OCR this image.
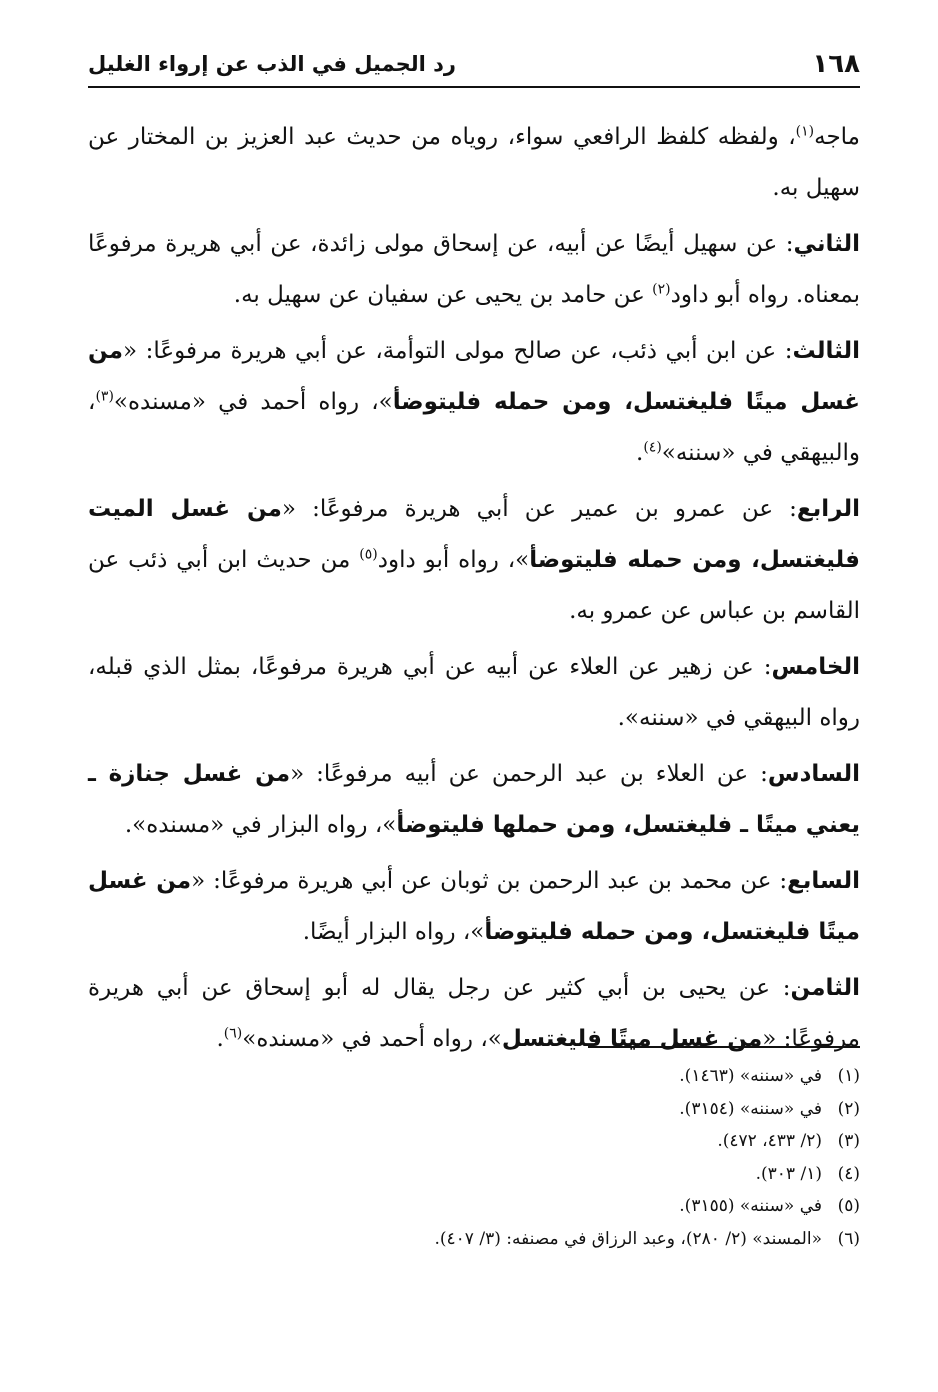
١٦٨
رد الجميل في الذب عن إرواء الغليل

ماجه$^{(١)}$، ولفظه كلفظ الرافعي سواء، روياه من حديث عبد العزيز بن المختار عن سهيل به.

الثاني: عن سهيل أيضًا عن أبيه، عن إسحاق مولى زائدة، عن أبي هريرة مرفوعًا بمعناه. رواه أبو داود$^{(٢)}$ عن حامد بن يحيى عن سفيان عن سهيل به.

الثالث: عن ابن أبي ذئب، عن صالح مولى التوأمة، عن أبي هريرة مرفوعًا: «من غسل ميتًا فليغتسل، ومن حمله فليتوضأ»، رواه أحمد في «مسنده»$^{(٣)}$، والبيهقي في «سننه»$^{(٤)}$.

الرابع: عن عمرو بن عمير عن أبي هريرة مرفوعًا: «من غسل الميت فليغتسل، ومن حمله فليتوضأ»، رواه أبو داود$^{(٥)}$ من حديث ابن أبي ذئب عن القاسم بن عباس عن عمرو به.

الخامس: عن زهير عن العلاء عن أبيه عن أبي هريرة مرفوعًا، بمثل الذي قبله، رواه البيهقي في «سننه».

السادس: عن العلاء بن عبد الرحمن عن أبيه مرفوعًا: «من غسل جنازة ـ يعني ميتًا ـ فليغتسل، ومن حملها فليتوضأ»، رواه البزار في «مسنده».

السابع: عن محمد بن عبد الرحمن بن ثوبان عن أبي هريرة مرفوعًا: «من غسل ميتًا فليغتسل، ومن حمله فليتوضأ»، رواه البزار أيضًا.

الثامن: عن يحيى بن أبي كثير عن رجل يقال له أبو إسحاق عن أبي هريرة مرفوعًا: «من غسل ميتًا فليغتسل»، رواه أحمد في «مسنده»$^{(٦)}$.

(١)
في «سننه» (١٤٦٣).
(٢)
في «سننه» (٣١٥٤).
(٣)
(٢/ ٤٣٣، ٤٧٢).
(٤)
(١/ ٣٠٣).
(٥)
في «سننه» (٣١٥٥).
(٦)
«المسند» (٢/ ٢٨٠)، وعبد الرزاق في مصنفه: (٣/ ٤٠٧).
